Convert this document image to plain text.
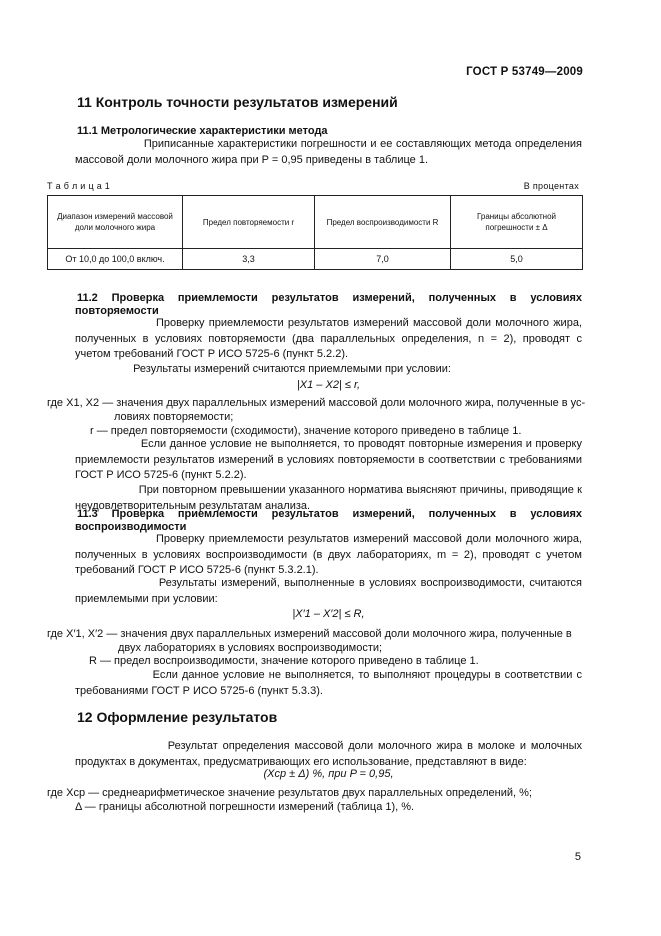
ГОСТ Р 53749—2009
11 Контроль точности результатов измерений
11.1 Метрологические характеристики метода
Приписанные характеристики погрешности и ее составляющих метода определения массовой доли молочного жира при P = 0,95 приведены в таблице 1.
Т а б л и ц а 1	В процентах
Диапазон измерений массовой доли молочного жира	Предел повторяемости r	Предел воспроизводимости R	Границы абсолютной погрешности ± Δ
От 10,0 до 100,0 включ.	3,3	7,0	5,0
11.2 Проверка приемлемости результатов измерений, полученных в условиях
повторяемости
Проверку приемлемости результатов измерений массовой доли молочного жира, полученных в условиях повторяемости (два параллельных определения, n = 2), проводят с учетом требований ГОСТ Р ИСО 5725-6 (пункт 5.2.2).
Результаты измерений считаются приемлемыми при условии:
|X1 – X2| ≤ r,
где X1, X2 — значения двух параллельных измерений массовой доли молочного жира, полученные в ус-
ловиях повторяемости;
r — предел повторяемости (сходимости), значение которого приведено в таблице 1.
Если данное условие не выполняется, то проводят повторные измерения и проверку приемлемости результатов измерений в условиях повторяемости в соответствии с требованиями ГОСТ Р ИСО 5725-6 (пункт 5.2.2).
При повторном превышении указанного норматива выясняют причины, приводящие к неудовлетворительным результатам анализа.
11.3 Проверка приемлемости результатов измерений, полученных в условиях
воспроизводимости
Проверку приемлемости результатов измерений массовой доли молочного жира, полученных в условиях воспроизводимости (в двух лабораториях, m = 2), проводят с учетом требований ГОСТ Р ИСО 5725-6 (пункт 5.3.2.1).
Результаты измерений, выполненные в условиях воспроизводимости, считаются приемлемыми при условии:
|X′1 – X′2| ≤ R,
где X′1, X′2 — значения двух параллельных измерений массовой доли молочного жира, полученные в
двух лабораториях в условиях воспроизводимости;
R — предел воспроизводимости, значение которого приведено в таблице 1.
Если данное условие не выполняется, то выполняют процедуры в соответствии с требованиями ГОСТ Р ИСО 5725-6 (пункт 5.3.3).
12 Оформление результатов
Результат определения массовой доли молочного жира в молоке и молочных продуктах в документах, предусматривающих его использование, представляют в виде:
(Xср ± Δ) %, при P = 0,95,
где Xср — среднеарифметическое значение результатов двух параллельных определений, %;
Δ — границы абсолютной погрешности измерений (таблица 1), %.
5
